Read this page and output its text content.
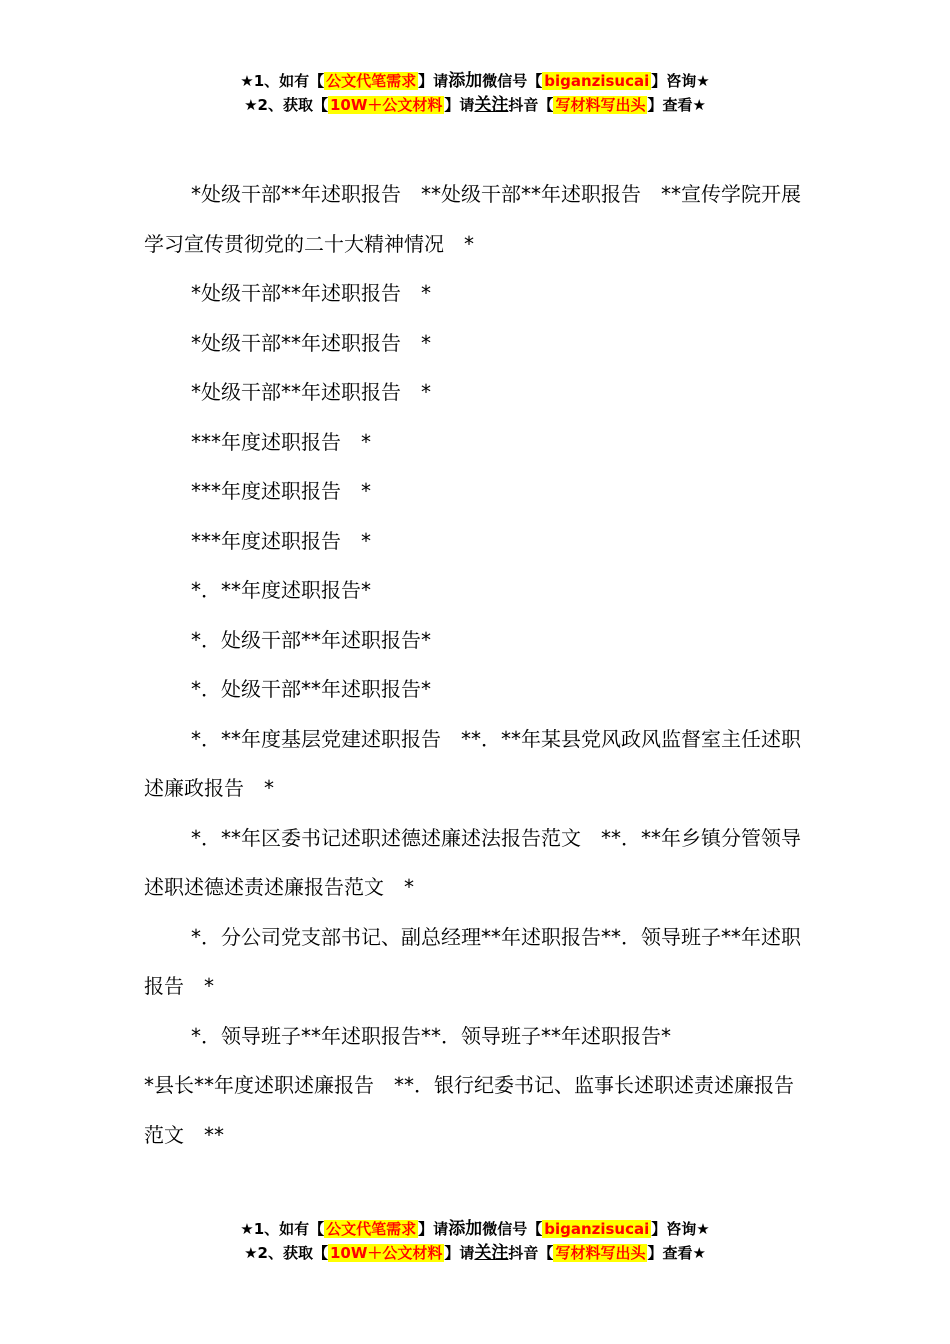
★1、如有【 公文代笔需求 】请添加微信号【 biganzisucai 】咨询★
★2、获取【 10W＋公文材料 】请关注抖音【 写材料写出头 】查看★

*处级干部**年述职报告　**处级干部**年述职报告　**宣传学院开展学习宣传贯彻党的二十大精神情况　*

*处级干部**年述职报告　*

*处级干部**年述职报告　*

*处级干部**年述职报告　*

***年度述职报告　*

***年度述职报告　*

***年度述职报告　*

*．**年度述职报告*

*．处级干部**年述职报告*

*．处级干部**年述职报告*

*．**年度基层党建述职报告　**．**年某县党风政风监督室主任述职述廉政报告　*

*．**年区委书记述职述德述廉述法报告范文　**．**年乡镇分管领导述职述德述责述廉报告范文　*

*．分公司党支部书记、副总经理**年述职报告**．领导班子**年述职报告　*

*．领导班子**年述职报告**．领导班子**年述职报告*

*县长**年度述职述廉报告　**．银行纪委书记、监事长述职述责述廉报告范文　**

★1、如有【 公文代笔需求 】请添加微信号【 biganzisucai 】咨询★
★2、获取【 10W＋公文材料 】请关注抖音【 写材料写出头 】查看★
